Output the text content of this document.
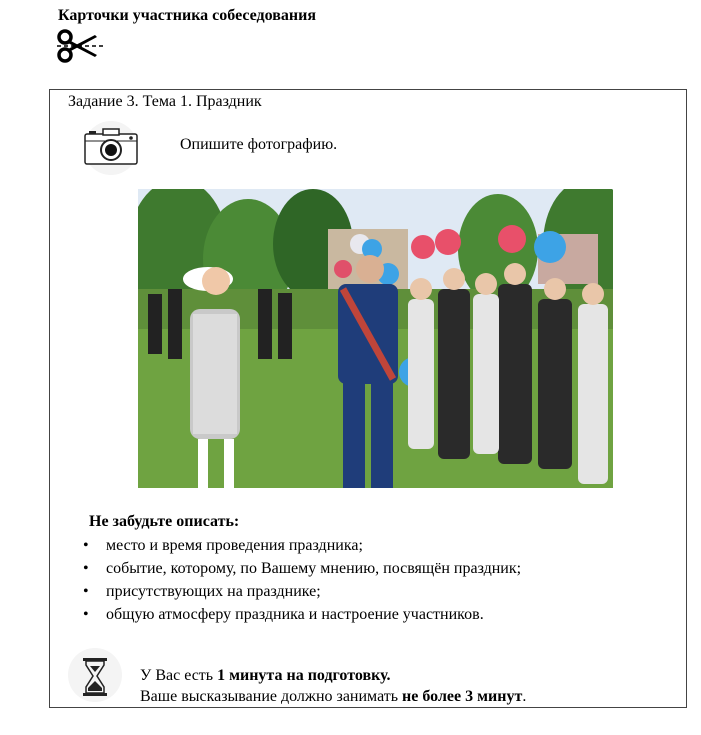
Карточки участника собеседования
Задание 3. Тема 1. Праздник
Опишите фотографию.
Не забудьте описать:
• место и время проведения праздника;
• событие, которому, по Вашему мнению, посвящён праздник;
• присутствующих на празднике;
• общую атмосферу праздника и настроение участников.
У Вас есть 1 минута на подготовку.
Ваше высказывание должно занимать не более 3 минут.
